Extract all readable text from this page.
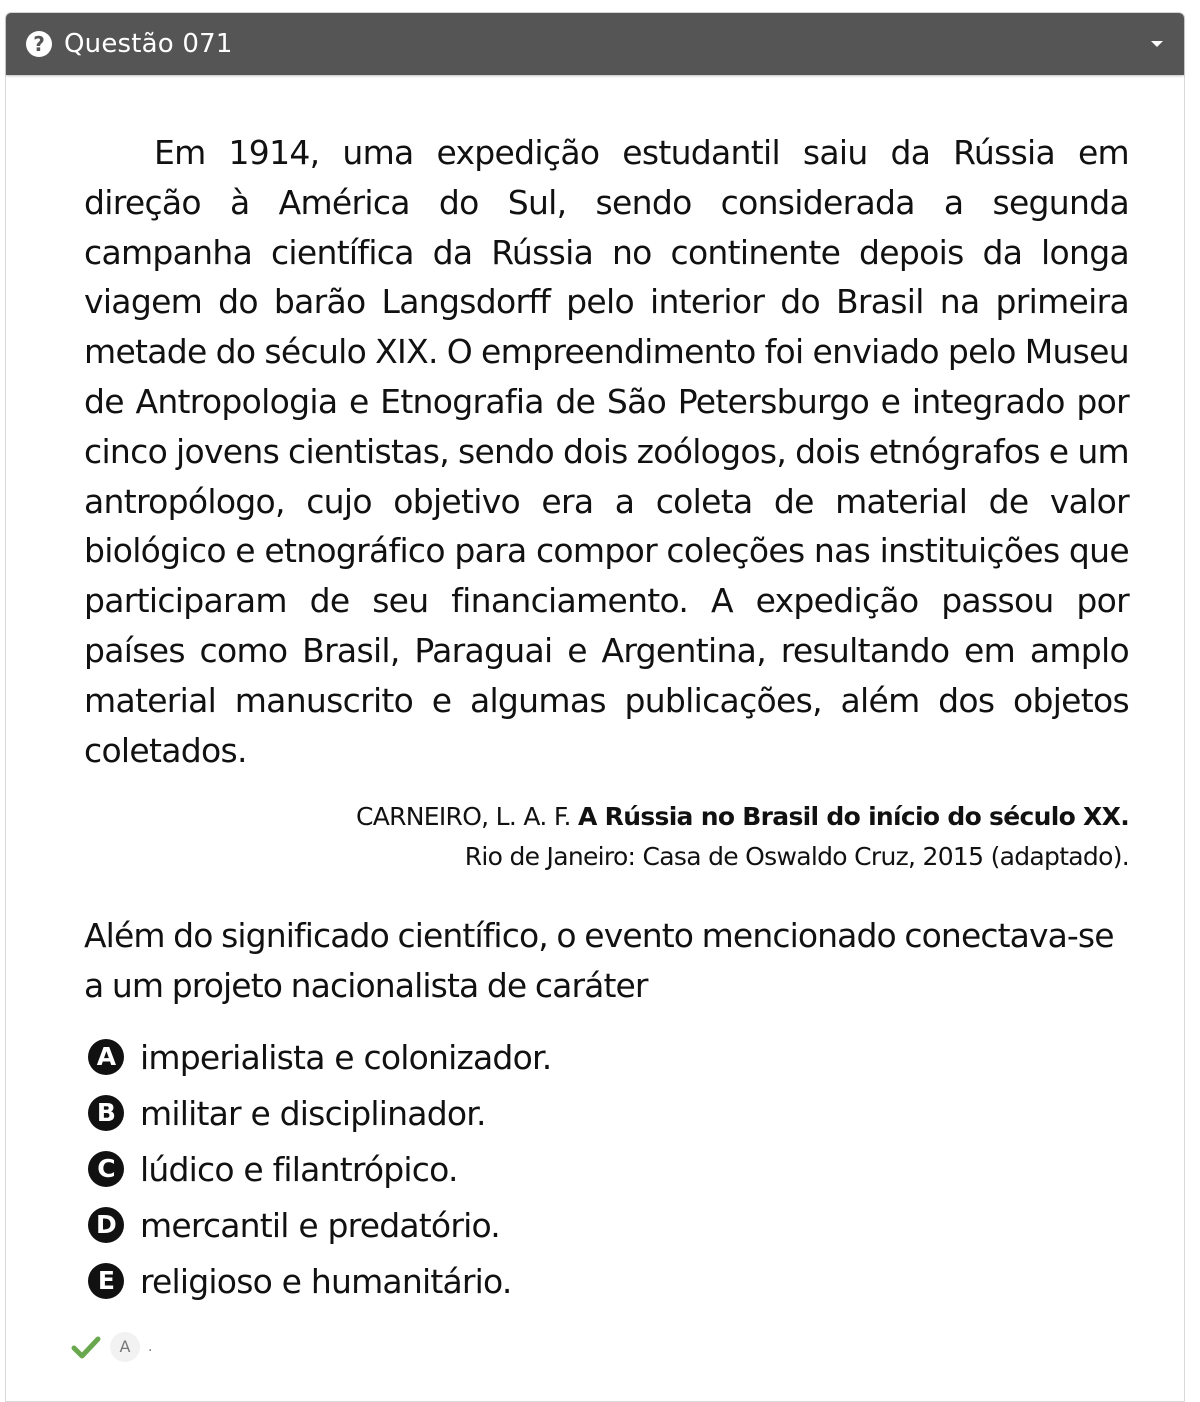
? Questão 071

Em 1914, uma expedição estudantil saiu da Rússia em direção à América do Sul, sendo considerada a segunda campanha científica da Rússia no continente depois da longa viagem do barão Langsdorff pelo interior do Brasil na primeira metade do século XIX. O empreendimento foi enviado pelo Museu de Antropologia e Etnografia de São Petersburgo e integrado por cinco jovens cientistas, sendo dois zoólogos, dois etnógrafos e um antropólogo, cujo objetivo era a coleta de material de valor biológico e etnográfico para compor coleções nas instituições que participaram de seu financiamento. A expedição passou por países como Brasil, Paraguai e Argentina, resultando em amplo material manuscrito e algumas publicações, além dos objetos coletados.

CARNEIRO, L. A. F. A Rússia no Brasil do início do século XX.
Rio de Janeiro: Casa de Oswaldo Cruz, 2015 (adaptado).
Além do significado científico, o evento mencionado conectava-se a um projeto nacionalista de caráter
A imperialista e colonizador.
B militar e disciplinador.
C lúdico e filantrópico.
D mercantil e predatório.
E religioso e humanitário.
A	.
